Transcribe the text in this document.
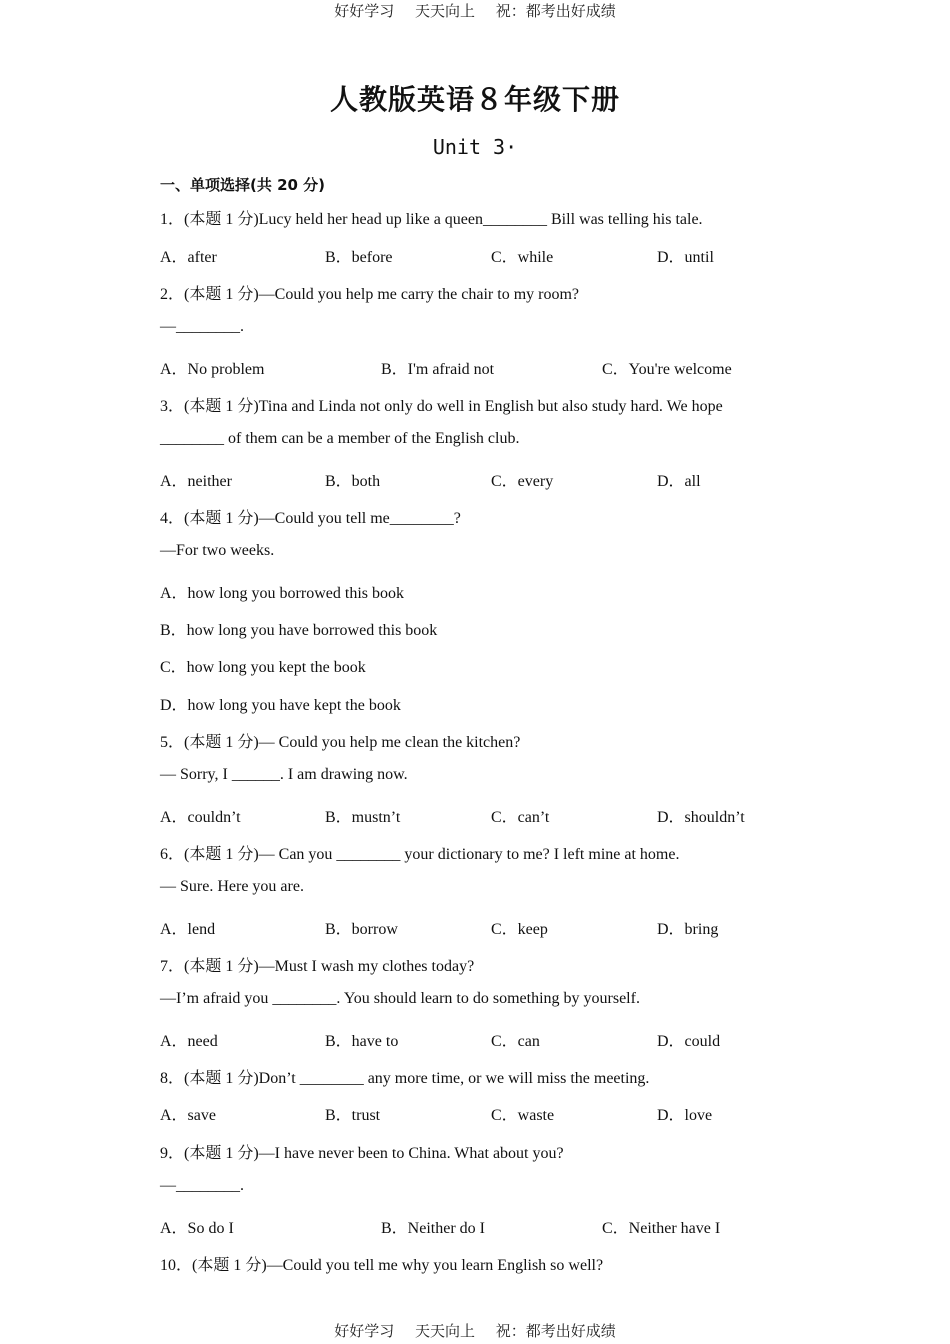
好好学习 天天向上 祝：都考出好成绩
人教版英语８年级下册
Unit 3·
一、单项选择(共 20 分)
1．(本题 1 分)Lucy held her head up like a queen________ Bill was telling his tale.
A．after	B．before	C．while	D．until
2．(本题 1 分)—Could you help me carry the chair to my room?
—________.
A．No problem	B．I'm afraid not	C．You're welcome
3．(本题 1 分)Tina and Linda not only do well in English but also study hard. We hope
________ of them can be a member of the English club.
A．neither	B．both	C．every	D．all
4．(本题 1 分)—Could you tell me________?
—For two weeks.
A．how long you borrowed this book
B．how long you have borrowed this book
C．how long you kept the book
D．how long you have kept the book
5．(本题 1 分)— Could you help me clean the kitchen?
— Sorry, I ______. I am drawing now.
A．couldn’t	B．mustn’t	C．can’t	D．shouldn’t
6．(本题 1 分)— Can you ________ your dictionary to me? I left mine at home.
— Sure. Here you are.
A．lend	B．borrow	C．keep	D．bring
7．(本题 1 分)—Must I wash my clothes today?
—I’m afraid you ________. You should learn to do something by yourself.
A．need	B．have to	C．can	D．could
8．(本题 1 分)Don’t ________ any more time, or we will miss the meeting.
A．save	B．trust	C．waste	D．love
9．(本题 1 分)—I have never been to China. What about you?
—________.
A．So do I	B．Neither do I	C．Neither have I
10．(本题 1 分)—Could you tell me why you learn English so well?
好好学习 天天向上 祝：都考出好成绩
